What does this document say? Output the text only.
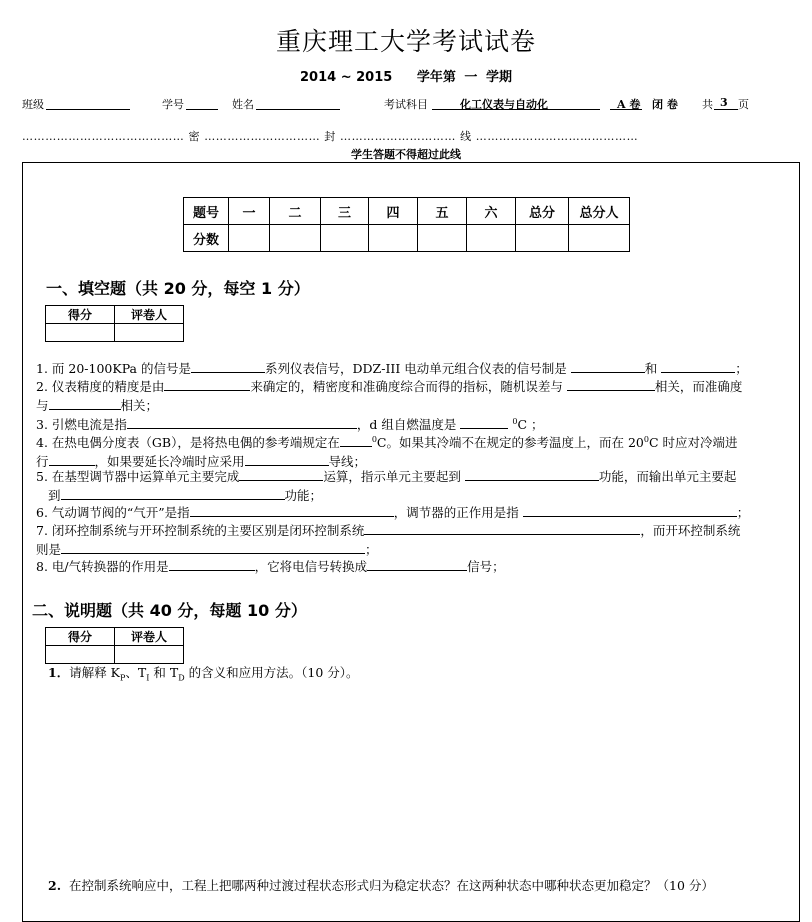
重庆理工大学考试试卷
2014 ~ 2015 学年第 一 学期
班级	学号	姓名	考试科目	化工仪表与自动化	A 卷 闭 卷 共 3 页
…………………………………… 密 ………………………… 封 ………………………… 线 ……………………………………
学生答题不得超过此线
题号	一	二	三	四	五	六	总分	总分人
分数								
一、填空题（共 20 分，每空 1 分）
得分	评卷人

1. 而 20-100KPa 的信号是	系列仪表信号，DDZ-III 电动单元组合仪表的信号制是	和	；
2. 仪表精度的精度是由	来确定的，精密度和准确度综合而得的指标，随机误差与	相关，而准确度
与	相关；
3. 引燃电流是指	，d 组自燃温度是	$^0$C ；
4. 在热电偶分度表（GB），是将热电偶的参考端规定在	$^0$C。如果其冷端不在规定的参考温度上，而在 $20^0C$ 时应对冷端进
行	，如果要延长冷端时应采用	导线；
5. 在基型调节器中运算单元主要完成	运算，指示单元主要起到	功能，而输出单元主要起
到	功能；
6. 气动调节阀的“气开”是指	，调节器的正作用是指	；
7. 闭环控制系统与开环控制系统的主要区别是闭环控制系统	，而开环控制系统
则是	；
8. 电/气转换器的作用是	，它将电信号转换成	信号；
二、说明题（共 40 分，每题 10 分）
得分	评卷人

1．请解释 $K_P$、$T_I$ 和 $T_D$ 的含义和应用方法。（10 分）。
2. 在控制系统响应中，工程上把哪两种过渡过程状态形式归为稳定状态？在这两种状态中哪种状态更加稳定？（10 分）
